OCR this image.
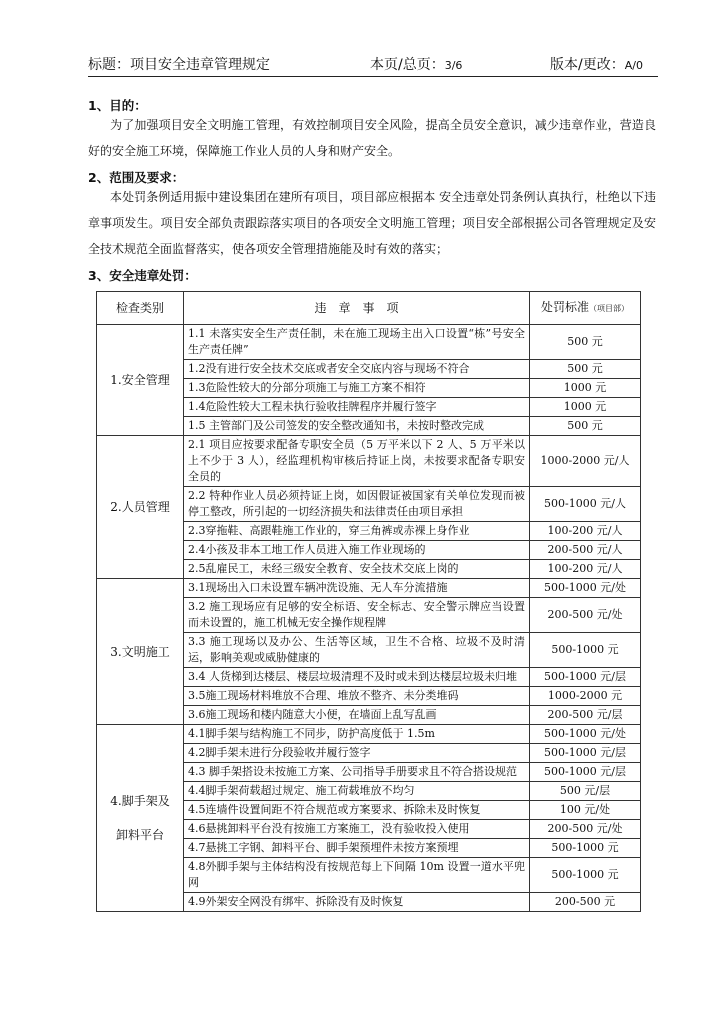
标题：项目安全违章管理规定	本页/总页：3/6	版本/更改：A/0
1、目的：
为了加强项目安全文明施工管理，有效控制项目安全风险，提高全员安全意识，减少违章作业，营造良好的安全施工环境，保障施工作业人员的人身和财产安全。
2、范围及要求：
本处罚条例适用振中建设集团在建所有项目，项目部应根据本 安全违章处罚条例认真执行，杜绝以下违章事项发生。项目安全部负责跟踪落实项目的各项安全文明施工管理；项目安全部根据公司各管理规定及安全技术规范全面监督落实，使各项安全管理措施能及时有效的落实；
3、安全违章处罚：
检查类别	违　章　事　项	处罚标准（项目部）
1.安全管理	1.1 未落实安全生产责任制，未在施工现场主出入口设置“栋”号安全生产责任牌”	500 元
	1.2没有进行安全技术交底或者安全交底内容与现场不符合	500 元
	1.3危险性较大的分部分项施工与施工方案不相符	1000 元
	1.4危险性较大工程未执行验收挂牌程序并履行签字	1000 元
	1.5 主管部门及公司签发的安全整改通知书，未按时整改完成	500 元
2.人员管理	2.1 项目应按要求配备专职安全员（5 万平米以下 2 人、5 万平米以上不少于 3 人），经监理机构审核后持证上岗，未按要求配备专职安全员的	1000-2000 元/人
	2.2 特种作业人员必须持证上岗，如因假证被国家有关单位发现而被停工整改，所引起的一切经济损失和法律责任由项目承担	500-1000 元/人
	2.3穿拖鞋、高跟鞋施工作业的，穿三角裤或赤裸上身作业	100-200 元/人
	2.4小孩及非本工地工作人员进入施工作业现场的	200-500 元/人
	2.5乱雇民工，未经三级安全教育、安全技术交底上岗的	100-200 元/人
3.文明施工	3.1现场出入口未设置车辆冲洗设施、无人车分流措施	500-1000 元/处
	3.2 施工现场应有足够的安全标语、安全标志、安全警示牌应当设置而未设置的，施工机械无安全操作规程牌	200-500 元/处
	3.3 施工现场以及办公、生活等区域，卫生不合格、垃圾不及时清运，影响美观或威胁健康的	500-1000 元
	3.4 人货梯到达楼层、楼层垃圾清理不及时或未到达楼层垃圾未归堆	500-1000 元/层
	3.5施工现场材料堆放不合理、堆放不整齐、未分类堆码	1000-2000 元
	3.6施工现场和楼内随意大小便，在墙面上乱写乱画	200-500 元/层

4.脚手架及
卸料平台	4.1脚手架与结构施工不同步，防护高度低于 1.5m	500-1000 元/处
	4.2脚手架未进行分段验收并履行签字	500-1000 元/层
	4.3 脚手架搭设未按施工方案、公司指导手册要求且不符合搭设规范	500-1000 元/层
	4.4脚手架荷载超过规定、施工荷载堆放不均匀	500 元/层
	4.5连墙件设置间距不符合规范或方案要求、拆除未及时恢复	100 元/处
	4.6悬挑卸料平台没有按施工方案施工，没有验收投入使用	200-500 元/处
	4.7悬挑工字钢、卸料平台、脚手架预埋件未按方案预埋	500-1000 元
	4.8外脚手架与主体结构没有按规范每上下间隔 10m 设置一道水平兜网	500-1000 元
	4.9外架安全网没有绑牢、拆除没有及时恢复	200-500 元
